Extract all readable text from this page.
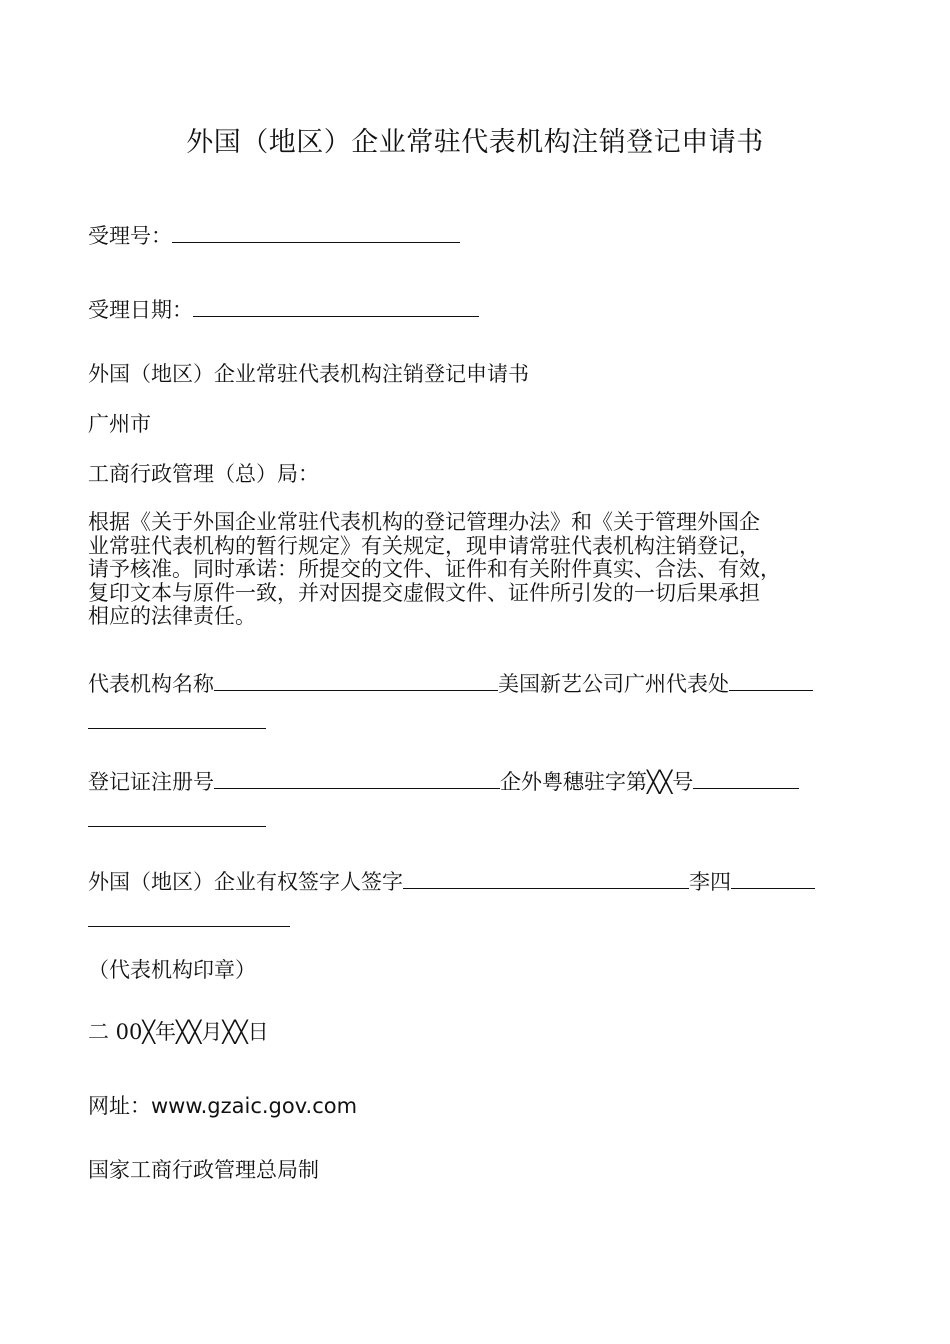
外国（地区）企业常驻代表机构注销登记申请书
受理号：
受理日期：
外国（地区）企业常驻代表机构注销登记申请书
广州市
工商行政管理（总）局：
根据《关于外国企业常驻代表机构的登记管理办法》和《关于管理外国企
业常驻代表机构的暂行规定》有关规定，现申请常驻代表机构注销登记，
请予核准。同时承诺：所提交的文件、证件和有关附件真实、合法、有效，
复印文本与原件一致，并对因提交虚假文件、证件所引发的一切后果承担
相应的法律责任。
代表机构名称	美国新艺公司广州代表处
登记证注册号	企外粤穗驻字第╳╳号
外国（地区）企业有权签字人签字	李四
（代表机构印章）
二 00╳年╳╳月╳╳日
网址：www.gzaic.gov.com
国家工商行政管理总局制
